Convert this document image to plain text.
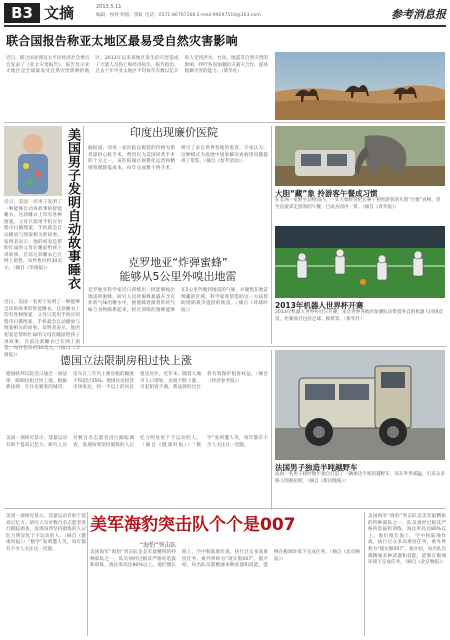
B3 文摘	2013.5.11
编辑：侯钟 组版：殷虹 电话：0571-86767168 E-mail:99297510@163.com	参考消息报
联合国报告称亚太地区最易受自然灾害影响
近日，联合国亚洲及太平洋经济社会委员会发表了《亚太灾害报告》，报告显示亚太地区是全球最易受自然灾害影响的地区。2013年以来该地区发生的灾害造成了大量人员伤亡和经济损失。报告指出，过去十年中亚太地区平均每年有数以亿计的人受到洪水、台风、地震等自然灾害的影响，呼吁各国加强防灾减灾合作，提高抵御灾害的能力。（新华社）
近日，美国一名男子发明了一种能够自动讲故事的智能睡衣。这款睡衣上印有各种图案，父母只需用手机应用程序扫描图案，手机就会自动播放与图案相关的故事。发明者表示，他的初衷是帮助忙碌的父母在睡前给孩子讲故事。目前这款睡衣已在网上销售，每件售价约30美元。（摘自《华商报》）	美国男子发明自动故事睡衣
近日，美国一名男子发明了一种能够自动讲故事的智能睡衣。这款睡衣上印有各种图案，父母只需用手机应用程序扫描图案，手机就会自动播放与图案相关的故事。发明者表示，他的初衷是帮助忙碌的父母在睡前给孩子讲故事。目前这款睡衣已在网上销售，每件售价约30美元。（摘自《华商报》）
印度出现廉价医院
据报道，印度一家医院以极低的价格为患者提供心脏手术，费用仅为美国同类手术的十分之一。该医院通过规模化运营和精细管理降低成本，每年完成数千例手术，吸引了来自世界各地的患者。专家认为，这种模式为发展中国家解决看病贵问题提供了借鉴。（摘自《参考消息》）
克罗地亚“炸弹蜜蜂”
能够从5公里外嗅出地雷
克罗地亚科学家近日训练出一批能够嗅出地雷的蜜蜂。研究人员将蜜蜂暴露在含有炸药气味的糖水中，使蜜蜂逐渐将炸药气味与食物联系起来。经过训练的蜜蜂能够在5公里外嗅到地雷的气味，并聚集在地雷埋藏的区域。科学家希望借助这一方法帮助排除战争遗留的地雷。（摘自《环球时报》）
大胆“藏”象 拎游客午餐成习惯
在非洲一家野生动物园内，一头大象经常把长鼻子伸进游客的车窗“讨要”食物，甚至直接拿走游客的午餐，已成为园内一景。（摘自《青年报》）
2013年机器人世界杯开赛
2013年机器人世界杯近日开赛，来自世界各地的参赛队伍带着各自的机器人同场竞技，比赛项目包括足球、救援等。（新华社）
德国立法限制房租过快上涨
德国联邦议院近日通过一项法律，限制房租过快上涨。根据新法律，在住房紧张的城市，房东在三年内上涨房租的幅度不得超过15%。德国住房租赁市场发达，约一半以上的居民租房居住。近年来，随着大城市人口增加，房租不断上涨，引起租客不满。新法律的出台将有效保护租客权益。（摘自《经济参考报》）
法国男子独造半吨越野车
法国一名男子耗时数年独自打造了一辆重达半吨的越野车，该车外形威猛，引来众多路人围观拍照。（摘自《新民晚报》）
美国一项研究显示，适量运动有助于提高记忆力。研究人员对数百名志愿者进行跟踪调查，发现每周坚持锻炼的人记忆力明显优于不运动的人。（摘自《健康时报》）“数学”发明遭人笑，每年都有不少人关注这一话题。
美军海豹突击队个个是007
“海豹”突击队
美国一项研究显示，适量运动有助于提高记忆力。研究人员对数百名志愿者进行跟踪调查，发现每周坚持锻炼的人记忆力明显优于不运动的人。（摘自《健康时报》）“数学”发明遭人笑，每年都有不少人关注这一话题。
美国海军“海豹”突击队是美军最精锐的特种部队之一，队员须经过极其严格的选拔和训练，淘汰率高达80%以上。他们擅长海上、空中和陆地作战，执行过众多高难度任务，被外界称为“现实版007”。据介绍，每名队员都精通多种武器和技能，能够在极端环境下完成任务。（摘自《北京晚报》）
美国海军“海豹”突击队是美军最精锐的特种部队之一，队员须经过极其严格的选拔和训练，淘汰率高达80%以上。他们擅长海上、空中和陆地作战，执行过众多高难度任务，被外界称为“现实版007”。据介绍，每名队员都精通多种武器和技能，能够在极端环境下完成任务。（摘自《北京晚报》）
